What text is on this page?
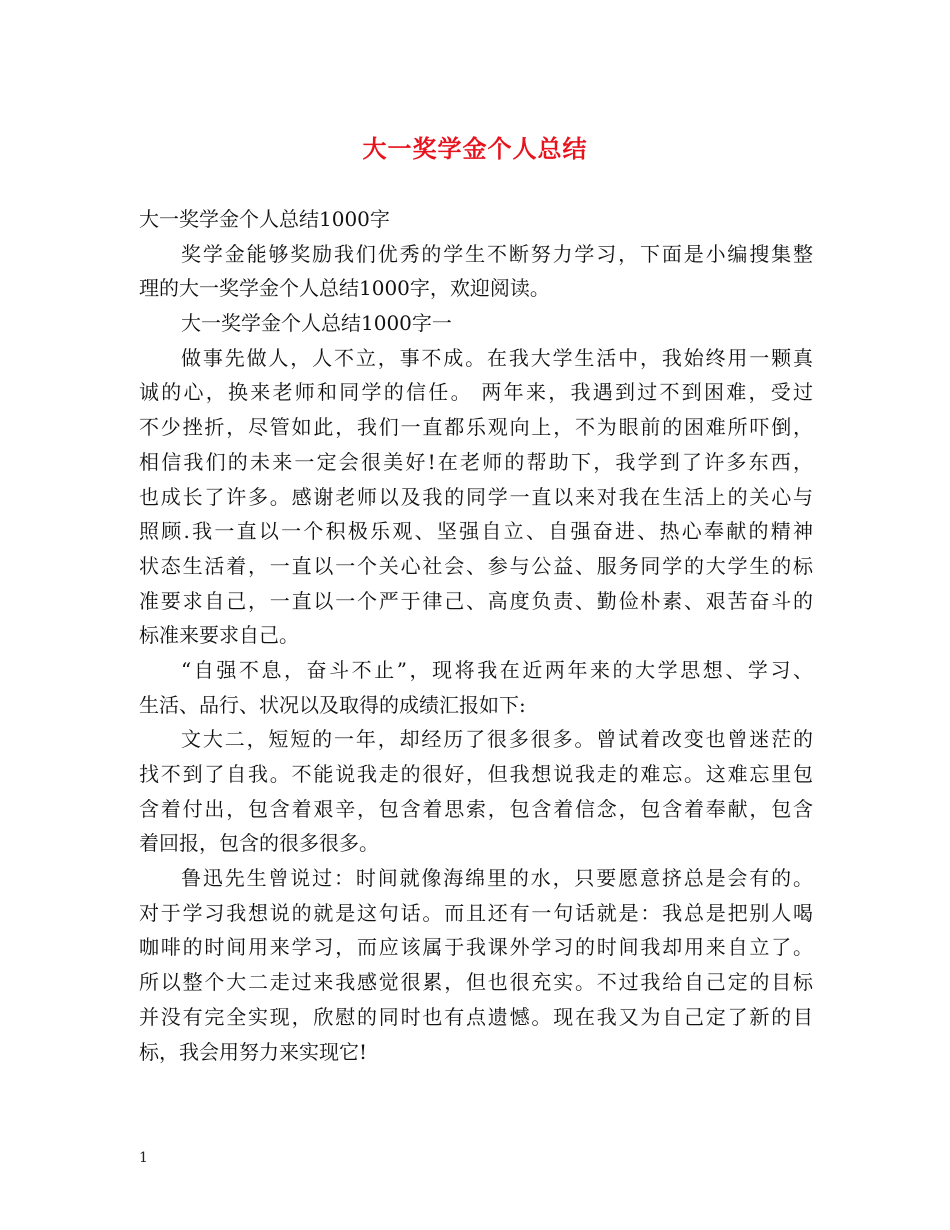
大一奖学金个人总结
大一奖学金个人总结1000字
奖学金能够奖励我们优秀的学生不断努力学习，下面是小编搜集整
理的大一奖学金个人总结1000字，欢迎阅读。
大一奖学金个人总结1000字一
做事先做人，人不立，事不成。在我大学生活中，我始终用一颗真
诚的心，换来老师和同学的信任。 两年来，我遇到过不到困难，受过
不少挫折，尽管如此，我们一直都乐观向上，不为眼前的困难所吓倒，
相信我们的未来一定会很美好!在老师的帮助下，我学到了许多东西，
也成长了许多。感谢老师以及我的同学一直以来对我在生活上的关心与
照顾.我一直以一个积极乐观、坚强自立、自强奋进、热心奉献的精神
状态生活着，一直以一个关心社会、参与公益、服务同学的大学生的标
准要求自己，一直以一个严于律己、高度负责、勤俭朴素、艰苦奋斗的
标准来要求自己。
“自强不息，奋斗不止”，现将我在近两年来的大学思想、学习、
生活、品行、状况以及取得的成绩汇报如下:
文大二，短短的一年，却经历了很多很多。曾试着改变也曾迷茫的
找不到了自我。不能说我走的很好，但我想说我走的难忘。这难忘里包
含着付出，包含着艰辛，包含着思索，包含着信念，包含着奉献，包含
着回报，包含的很多很多。
鲁迅先生曾说过：时间就像海绵里的水，只要愿意挤总是会有的。
对于学习我想说的就是这句话。而且还有一句话就是：我总是把别人喝
咖啡的时间用来学习，而应该属于我课外学习的时间我却用来自立了。
所以整个大二走过来我感觉很累，但也很充实。不过我给自己定的目标
并没有完全实现，欣慰的同时也有点遗憾。现在我又为自己定了新的目
标，我会用努力来实现它!
1
